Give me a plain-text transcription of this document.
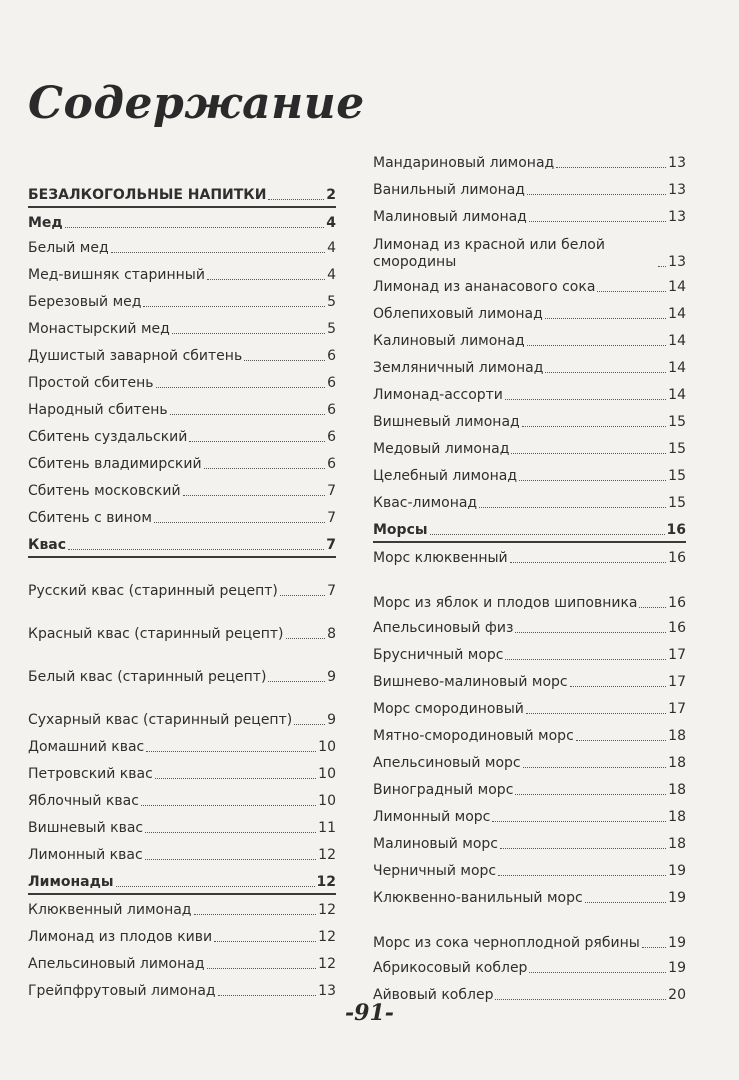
Содержание
БЕЗАЛКОГОЛЬНЫЕ НАПИТКИ	2
Мед	4
Белый мед	4
Мед-вишняк старинный	4
Березовый мед	5
Монастырский мед	5
Душистый заварной сбитень	6
Простой сбитень	6
Народный сбитень	6
Сбитень суздальский	6
Сбитень владимирский	6
Сбитень московский	7
Сбитень с вином	7
Квас	7
Русский квас (старинный рецепт)	7
Красный квас (старинный рецепт)	8
Белый квас (старинный рецепт)	9
Сухарный квас (старинный рецепт) 9
Домашний квас	10
Петровский квас	10
Яблочный квас	10
Вишневый квас	11
Лимонный квас	12
Лимонады	12
Клюквенный лимонад	12
Лимонад из плодов киви	12
Апельсиновый лимонад	12
Грейпфрутовый лимонад	13
Мандариновый лимонад	13
Ванильный лимонад	13
Малиновый лимонад	13
Лимонад из красной или белой смородины	13
Лимонад из ананасового сока	14
Облепиховый лимонад	14
Калиновый лимонад	14
Земляничный лимонад	14
Лимонад-ассорти	14
Вишневый лимонад	15
Медовый лимонад	15
Целебный лимонад	15
Квас-лимонад	15
Морсы	16
Морс клюквенный	16
Морс из яблок и плодов шиповника 16
Апельсиновый физ	16
Брусничный морс	17
Вишнево-малиновый морс	17
Морс смородиновый	17
Мятно-смородиновый морс	18
Апельсиновый морс	18
Виноградный морс	18
Лимонный морс	18
Малиновый морс	18
Черничный морс	19
Клюквенно-ванильный морс	19
Морс из сока черноплодной рябины 19
Абрикосовый коблер	19
Айвовый коблер	20
-91-
